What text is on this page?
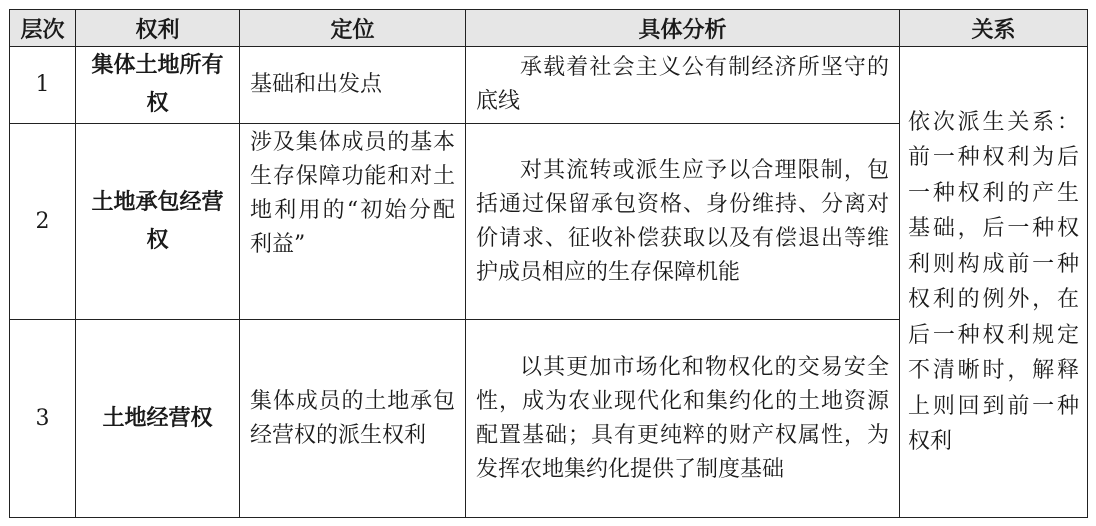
层次	权利	定位	具体分析	关系
1	集体土地所有权	基础和出发点	承载着社会主义公有制经济所坚守的底线	依次派生关系：前一种权利为后一种权利的产生基础，后一种权利则构成前一种权利的例外，在后一种权利规定不清晰时，解释上则回到前一种权利
2	土地承包经营权	涉及集体成员的基本生存保障功能和对土地利用的“初始分配利益”	对其流转或派生应予以合理限制，包括通过保留承包资格、身份维持、分离对价请求、征收补偿获取以及有偿退出等维护成员相应的生存保障机能	
3	土地经营权	集体成员的土地承包经营权的派生权利	以其更加市场化和物权化的交易安全性，成为农业现代化和集约化的土地资源配置基础；具有更纯粹的财产权属性，为发挥农地集约化提供了制度基础	
